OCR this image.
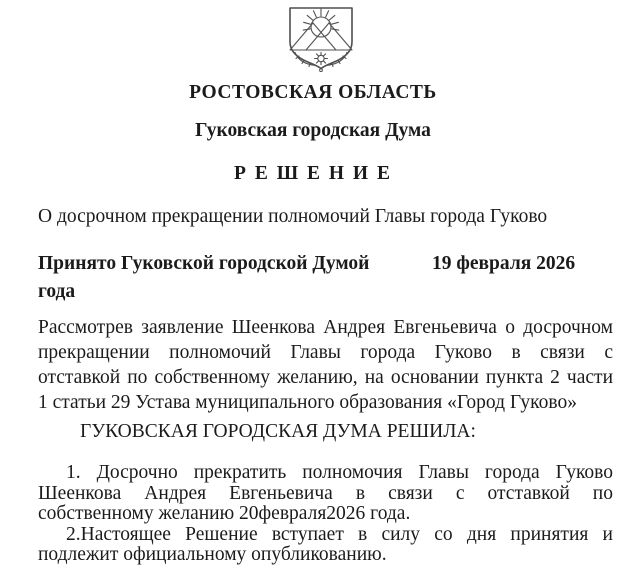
РОСТОВСКАЯ ОБЛАСТЬ
Гуковская городская Дума
Р Е Ш Е Н И Е
О досрочном прекращении полномочий Главы города Гуково
Принято Гуковской городской Думой	19 февраля 2026
года
Рассмотрев заявление Шеенкова Андрея Евгеньевича о досрочном
прекращении полномочий Главы города Гуково в связи с
отставкой по собственному желанию, на основании пункта 2 части
1 статьи 29 Устава муниципального образования «Город Гуково»
ГУКОВСКАЯ ГОРОДСКАЯ ДУМА РЕШИЛА:
1. Досрочно прекратить полномочия Главы города Гуково
Шеенкова Андрея Евгеньевича в связи с отставкой по
собственному желанию 20февраля2026 года.
2.Настоящее Решение вступает в силу со дня принятия и
подлежит официальному опубликованию.
